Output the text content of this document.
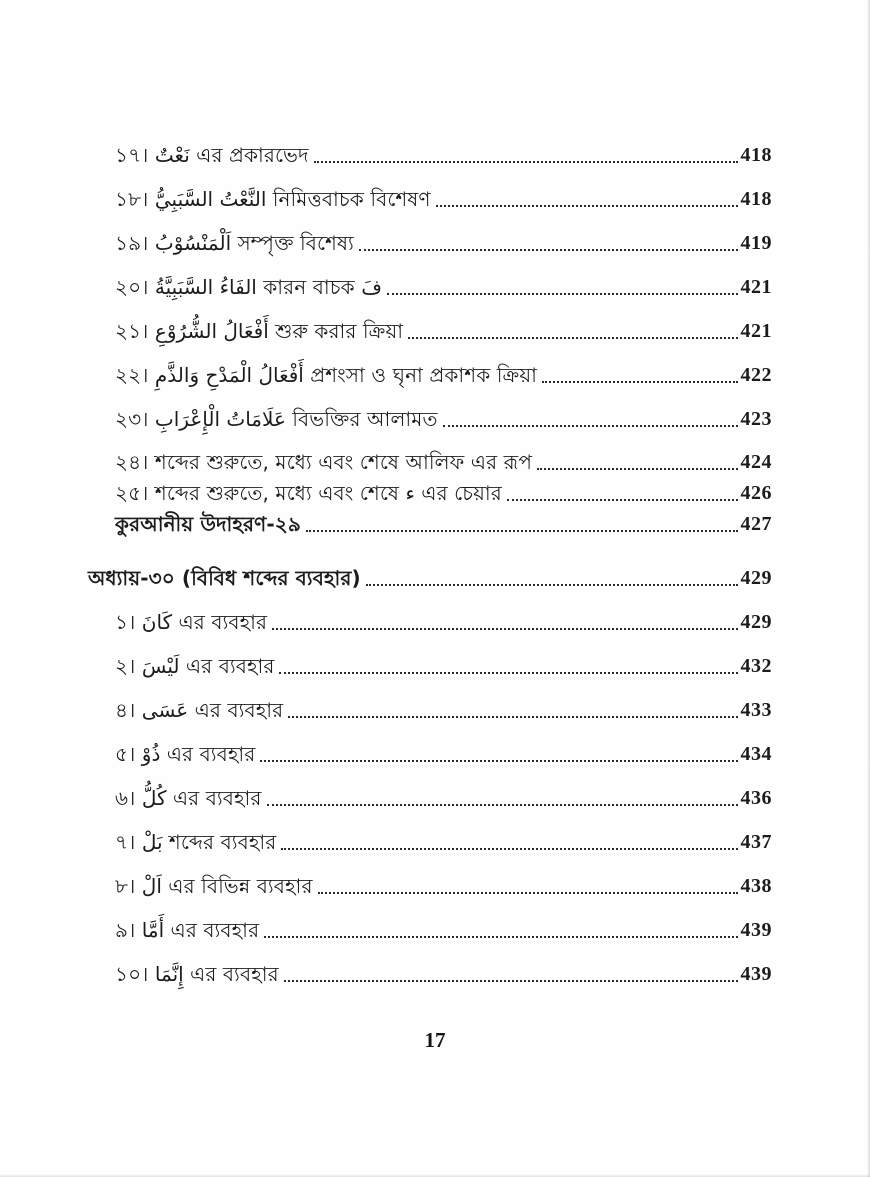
১৭। نَعْتٌ এর প্রকারভেদ	418
১৮। النَّعْتُ السَّبَبِيُّ নিমিত্তবাচক বিশেষণ	418
১৯। اَلْمَنْسُوْبُ সম্পৃক্ত বিশেষ্য	419
২০। الفَاءُ السَّبَبِيَّةُ কারন বাচক فَ	421
২১। أَفْعَالُ الشُّرُوْعِ শুরু করার ক্রিয়া	421
২২। أَفْعَالُ الْمَدْحِ وَالذَّمِ প্রশংসা ও ঘৃনা প্রকাশক ক্রিয়া	422
২৩। عَلَامَاتُ الْإِعْرَابِ বিভক্তির আলামত	423
২৪। শব্দের শুরুতে, মধ্যে এবং শেষে আলিফ এর রূপ	424
২৫। শব্দের শুরুতে, মধ্যে এবং শেষে ء এর চেয়ার	426
কুরআনীয় উদাহরণ-২৯	427
অধ্যায়-৩০ (বিবিধ শব্দের ব্যবহার)	429
১। كَانَ এর ব্যবহার	429
২। لَيْسَ এর ব্যবহার	432
৪। عَسَى এর ব্যবহার	433
৫। ذُوْ এর ব্যবহার	434
৬। كُلُّ এর ব্যবহার	436
৭। بَلْ শব্দের ব্যবহার	437
৮। اَلْ এর বিভিন্ন ব্যবহার	438
৯। أَمَّا এর ব্যবহার	439
১০। إِنَّمَا এর ব্যবহার	439
17
